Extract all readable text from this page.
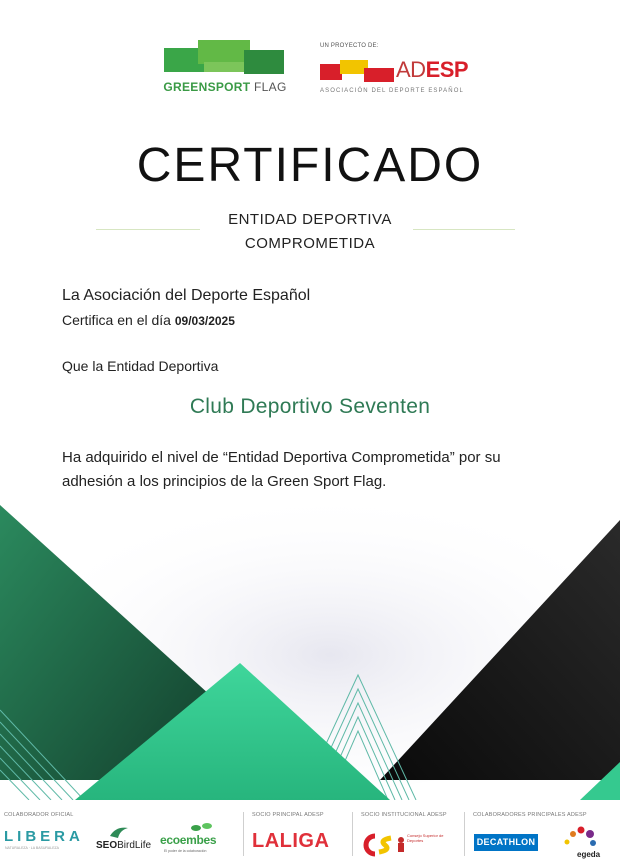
GREENSPORT FLAG
UN PROYECTO DE:
ADESP
ASOCIACIÓN DEL DEPORTE ESPAÑOL
CERTIFICADO
ENTIDAD DEPORTIVA
COMPROMETIDA
La Asociación del Deporte Español
Certifica en el día 09/03/2025
Que la Entidad Deportiva
Club Deportivo Seventen
Ha adquirido el nivel de “Entidad Deportiva Comprometida” por su adhesión a los principios de la Green Sport Flag.
COLABORADOR OFICIAL
LIBERA
NATURALEZA · LA BASURALEZA	SEOBirdLife ecoembes
El poder de la colaboración
SOCIO PRINCIPAL ADESP
LALIGA
SOCIO INSTITUCIONAL ADESP
Consejo Superior de Deportes
COLABORADORES PRINCIPALES ADESP
DECATHLON
egeda
